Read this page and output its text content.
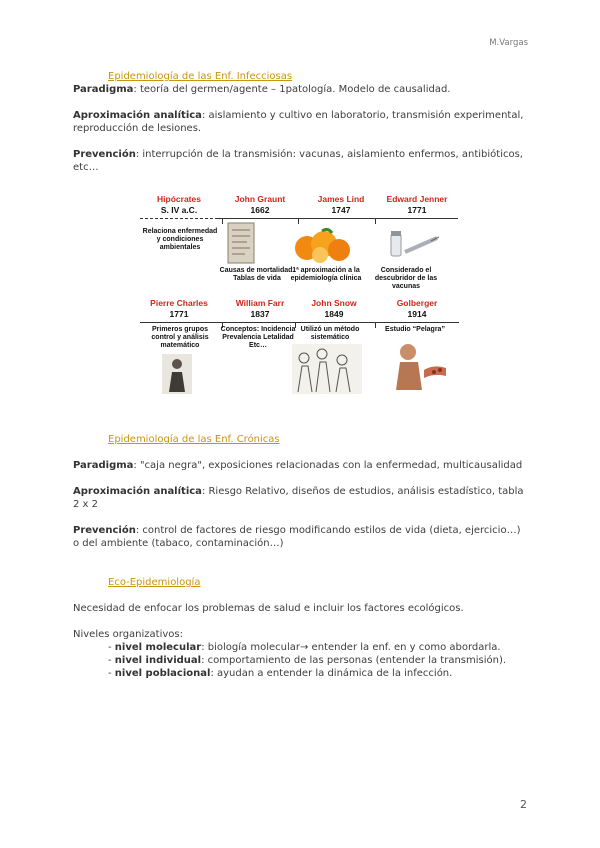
M.Vargas
Epidemiología de las Enf. Infecciosas

Paradigma: teoría del germen/agente – 1patología. Modelo de causalidad.

Aproximación analítica: aislamiento y cultivo en laboratorio, transmisión experimental, reproducción de lesiones.

Prevención: interrupción de la transmisión: vacunas, aislamiento enfermos, antibióticos, etc…

Hipócrates
S. IV a.C.
John Graunt
1662
James Lind
1747
Edward Jenner
1771
Relaciona enfermedad y condiciones ambientales
Causas de mortalidad. Tablas de vida
1ª aproximación a la epidemiología clínica
Considerado el descubridor de las vacunas
Pierre Charles
1771
William Farr
1837
John Snow
1849
Golberger
1914
Primeros grupos control y análisis matemático
Conceptos: Incidencia Prevalencia Letalidad Etc…
Utilizó un método sistemático
Estudio “Pelagra”
Epidemiología de las Enf. Crónicas

Paradigma: "caja negra", exposiciones relacionadas con la enfermedad, multicausalidad

Aproximación analítica: Riesgo Relativo, diseños de estudios, análisis estadístico, tabla 2 x 2

Prevención: control de factores de riesgo modificando estilos de vida (dieta, ejercicio…) o del ambiente (tabaco, contaminación…)

Eco-Epidemiología

Necesidad de enfocar los problemas de salud e incluir los factores ecológicos.

Niveles organizativos:

- nivel molecular: biología molecular→ entender la enf. en y como abordarla.

- nivel individual: comportamiento de las personas (entender la transmisión).

- nivel poblacional: ayudan a entender la dinámica de la infección.

2
